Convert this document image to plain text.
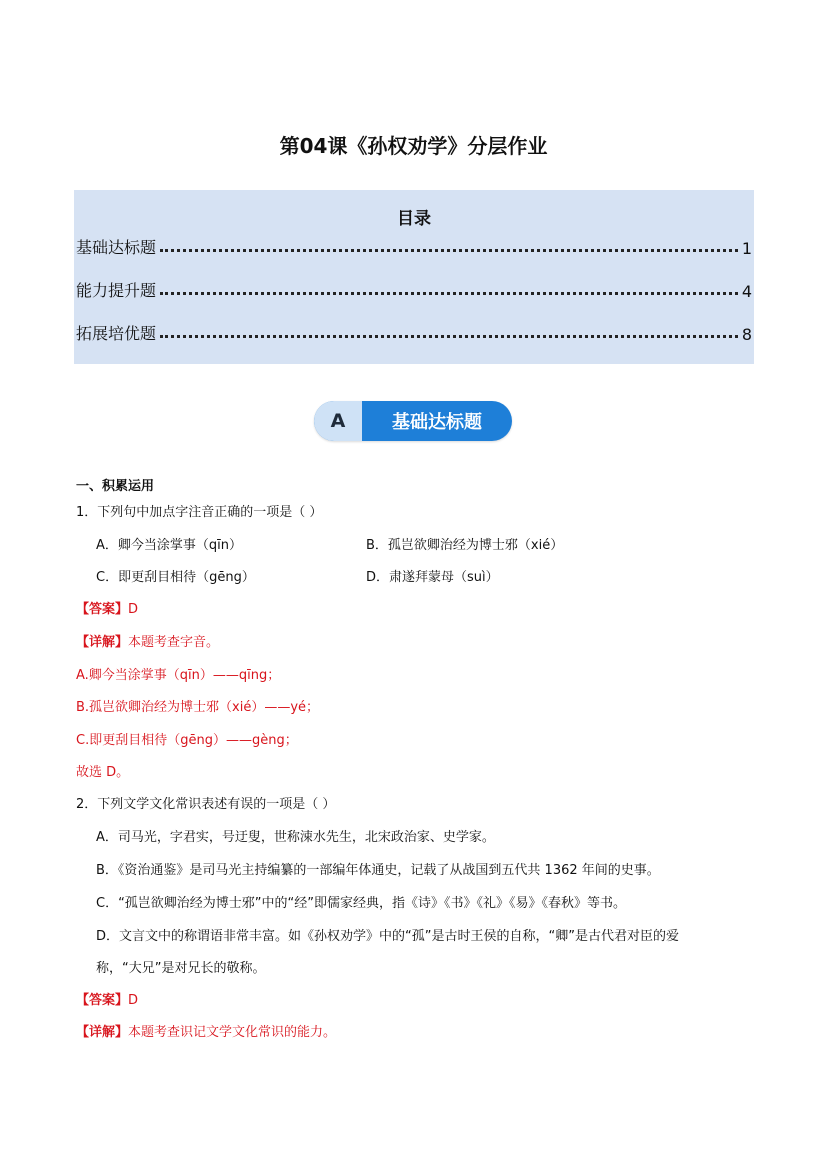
第04课《孙权劝学》分层作业
目录
基础达标题	1
能力提升题	4
拓展培优题	8
A	基础达标题
一、积累运用
1．下列句中加点字注音正确的一项是（ ）
A．卿今当涂掌事（qīn）	B．孤岂欲卿治经为博士邪（xié）
C．即更刮目相待（gēng）	D．肃遂拜蒙母（suì）
【答案】D
【详解】本题考查字音。
A.卿今当涂掌事（qīn）——qīng；
B.孤岂欲卿治经为博士邪（xié）——yé；
C.即更刮目相待（gēng）——gèng；
故选 D。
2．下列文学文化常识表述有误的一项是（ ）
A．司马光，字君实，号迂叟，世称涑水先生，北宋政治家、史学家。
B．《资治通鉴》是司马光主持编纂的一部编年体通史，记载了从战国到五代共 1362 年间的史事。
C．“孤岂欲卿治经为博士邪”中的“经”即儒家经典，指《诗》《书》《礼》《易》《春秋》等书。
D．文言文中的称谓语非常丰富。如《孙权劝学》中的“孤”是古时王侯的自称，“卿”是古代君对臣的爱
称，“大兄”是对兄长的敬称。
【答案】D
【详解】本题考查识记文学文化常识的能力。
